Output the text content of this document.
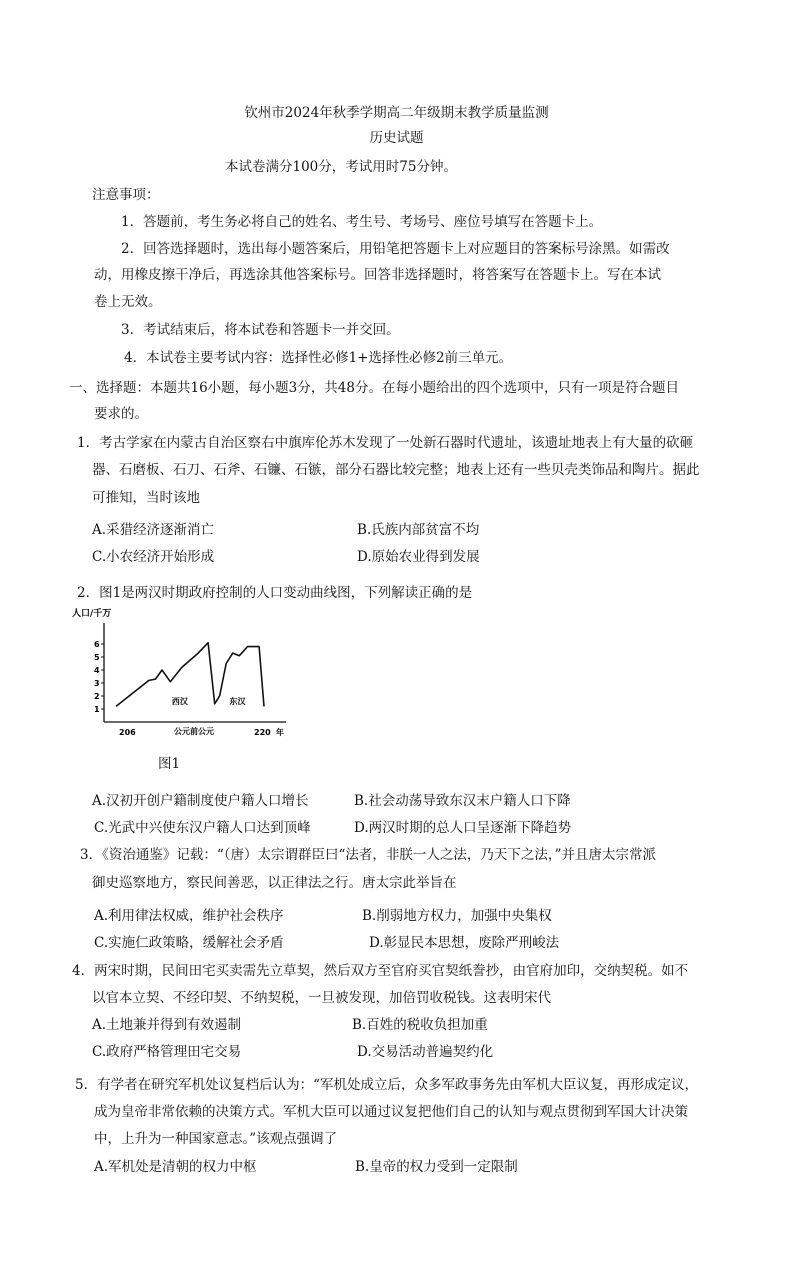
钦州市2024年秋季学期高二年级期末教学质量监测
历史试题
本试卷满分100分，考试用时75分钟。
注意事项：
1．答题前，考生务必将自己的姓名、考生号、考场号、座位号填写在答题卡上。
2．回答选择题时，选出每小题答案后，用铅笔把答题卡上对应题目的答案标号涂黑。如需改
动，用橡皮擦干净后，再选涂其他答案标号。回答非选择题时，将答案写在答题卡上。写在本试
卷上无效。
3．考试结束后，将本试卷和答题卡一并交回。
4．本试卷主要考试内容：选择性必修1+选择性必修2前三单元。
一、选择题：本题共16小题，每小题3分，共48分。在每小题给出的四个选项中，只有一项是符合题目
要求的。
1．考古学家在内蒙古自治区察右中旗库伦苏木发现了一处新石器时代遗址，该遗址地表上有大量的砍砸
器、石磨板、石刀、石斧、石镰、石镞，部分石器比较完整；地表上还有一些贝壳类饰品和陶片。据此
可推知，当时该地
A.采猎经济逐渐消亡	B.氏族内部贫富不均
C.小农经济开始形成	D.原始农业得到发展
2．图1是两汉时期政府控制的人口变动曲线图，下列解读正确的是
人口/千万
1
2
3
4
5
6
206	公元前 公元	220 年
西汉	东汉
图1
A.汉初开创户籍制度使户籍人口增长	B.社会动荡导致东汉末户籍人口下降
C.光武中兴使东汉户籍人口达到顶峰	D.两汉时期的总人口呈逐渐下降趋势
3．《资治通鉴》记载：“（唐）太宗谓群臣曰“法者，非朕一人之法，乃天下之法，”并且唐太宗常派
御史巡察地方，察民间善恶，以正律法之行。唐太宗此举旨在
A.利用律法权威，维护社会秩序	B.削弱地方权力，加强中央集权
C.实施仁政策略，缓解社会矛盾	D.彰显民本思想，废除严刑峻法
4．两宋时期，民间田宅买卖需先立草契，然后双方至官府买官契纸誊抄，由官府加印，交纳契税。如不
以官本立契、不经印契、不纳契税，一旦被发现，加倍罚收税钱。这表明宋代
A.土地兼并得到有效遏制	B.百姓的税收负担加重
C.政府严格管理田宅交易	D.交易活动普遍契约化
5．有学者在研究军机处议复档后认为：“军机处成立后，众多军政事务先由军机大臣议复，再形成定议，
成为皇帝非常依赖的决策方式。军机大臣可以通过议复把他们自己的认知与观点贯彻到军国大计决策
中，上升为一种国家意志。”该观点强调了
A.军机处是清朝的权力中枢	B.皇帝的权力受到一定限制
